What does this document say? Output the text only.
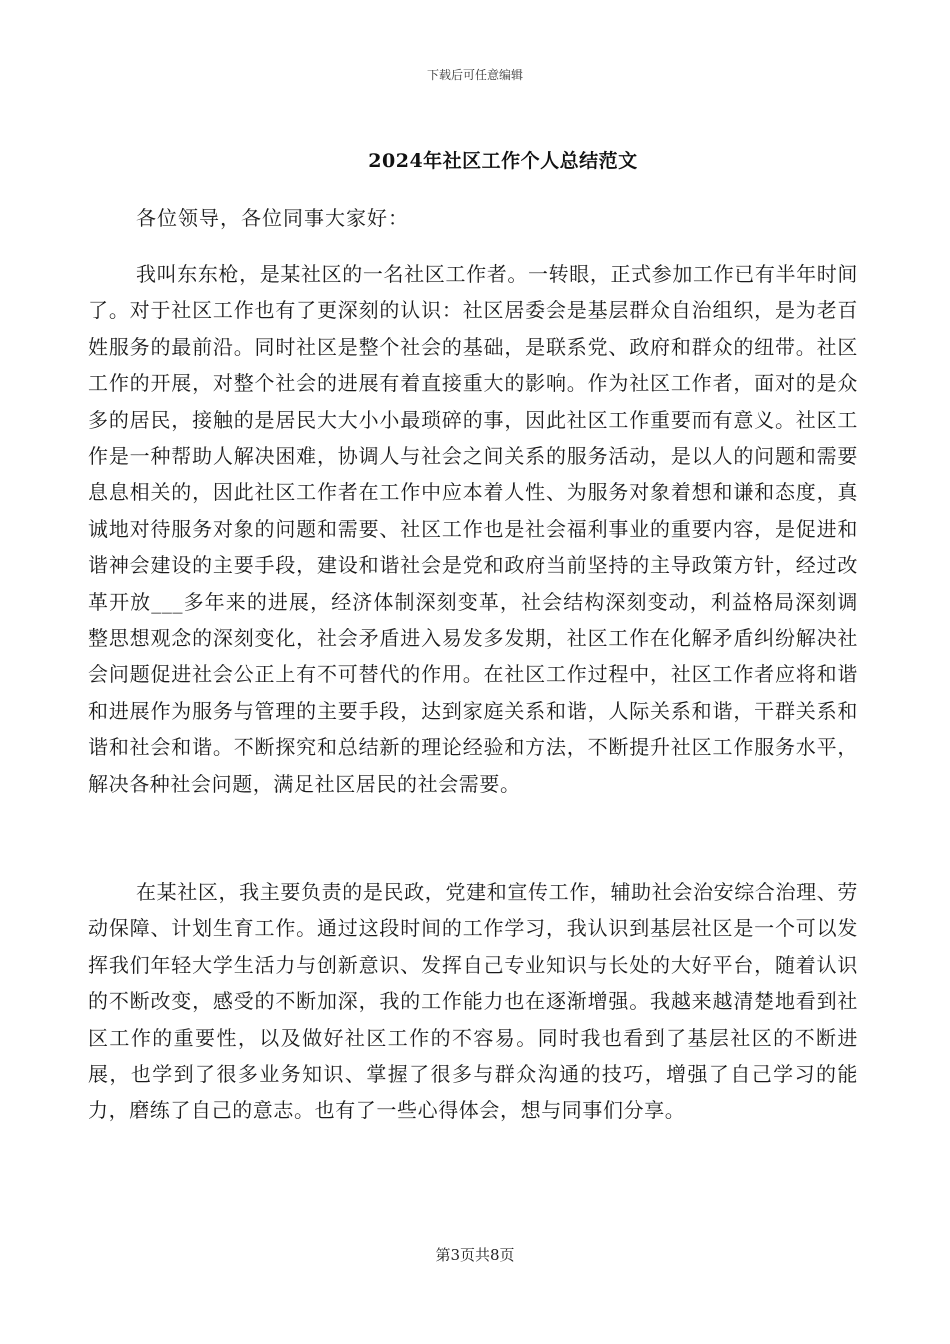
下载后可任意编辑
2024年社区工作个人总结范文
各位领导，各位同事大家好：

我叫东东枪，是某社区的一名社区工作者。一转眼，正式参加工作已有半年时间了。对于社区工作也有了更深刻的认识：社区居委会是基层群众自治组织，是为老百姓服务的最前沿。同时社区是整个社会的基础，是联系党、政府和群众的纽带。社区工作的开展，对整个社会的进展有着直接重大的影响。作为社区工作者，面对的是众多的居民，接触的是居民大大小小最琐碎的事，因此社区工作重要而有意义。社区工作是一种帮助人解决困难，协调人与社会之间关系的服务活动，是以人的问题和需要息息相关的，因此社区工作者在工作中应本着人性、为服务对象着想和谦和态度，真诚地对待服务对象的问题和需要、社区工作也是社会福利事业的重要内容，是促进和谐神会建设的主要手段，建设和谐社会是党和政府当前坚持的主导政策方针，经过改革开放___多年来的进展，经济体制深刻变革，社会结构深刻变动，利益格局深刻调整思想观念的深刻变化，社会矛盾进入易发多发期，社区工作在化解矛盾纠纷解决社会问题促进社会公正上有不可替代的作用。在社区工作过程中，社区工作者应将和谐和进展作为服务与管理的主要手段，达到家庭关系和谐，人际关系和谐，干群关系和谐和社会和谐。不断探究和总结新的理论经验和方法，不断提升社区工作服务水平，解决各种社会问题，满足社区居民的社会需要。

在某社区，我主要负责的是民政，党建和宣传工作，辅助社会治安综合治理、劳动保障、计划生育工作。通过这段时间的工作学习，我认识到基层社区是一个可以发挥我们年轻大学生活力与创新意识、发挥自己专业知识与长处的大好平台，随着认识的不断改变，感受的不断加深，我的工作能力也在逐渐增强。我越来越清楚地看到社区工作的重要性，以及做好社区工作的不容易。同时我也看到了基层社区的不断进展，也学到了很多业务知识、掌握了很多与群众沟通的技巧，增强了自己学习的能力，磨练了自己的意志。也有了一些心得体会，想与同事们分享。

第3页共8页
